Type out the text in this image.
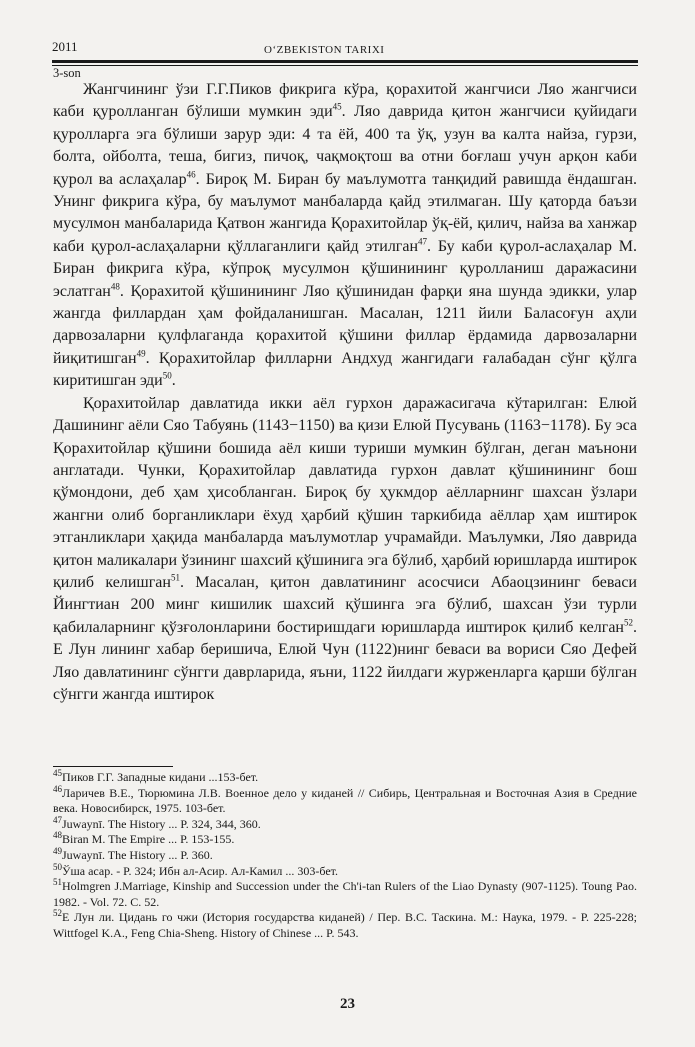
2011	O‘ZBEKISTON TARIXI
3-son

Жангчининг ўзи Г.Г.Пиков фикрига кўра, қорахитой жангчиси Ляо жангчиси каби қуролланган бўлиши мумкин эди$^{45}$. Ляо даврида қитон жангчиси қуйидаги қуролларга эга бўлиши зарур эди: 4 та ёй, 400 та ўқ, узун ва калта найза, гурзи, болта, ойболта, теша, бигиз, пичоқ, чақмоқтош ва отни боғлаш учун арқон каби қурол ва аслаҳалар$^{46}$. Бироқ М. Биран бу маълумотга танқидий равишда ёндашган. Унинг фикрига кўра, бу маълумот манбаларда қайд этилмаган. Шу қаторда баъзи мусулмон манбаларида Қатвон жангида Қорахитойлар ўқ-ёй, қилич, найза ва ханжар каби қурол-аслаҳаларни қўллаганлиги қайд этилган$^{47}$. Бу каби қурол-аслаҳалар М. Биран фикрига кўра, кўпроқ мусулмон қўшинининг қуролланиш даражасини эслатган$^{48}$. Қорахитой қўшинининг Ляо қўшинидан фарқи яна шунда эдикки, улар жангда филлардан ҳам фойдаланишган. Масалан, 1211 йили Баласоғун аҳли дарвозаларни қулфлаганда қорахитой қўшини филлар ёрдамида дарвозаларни йиқитишган$^{49}$. Қорахитойлар филларни Андхуд жангидаги ғалабадан сўнг қўлга киритишган эди$^{50}$.

Қорахитойлар давлатида икки аёл гурхон даражасигача кўтарилган: Елюй Дашининг аёли Сяо Табуянь (1143−1150) ва қизи Елюй Пусувань (1163−1178). Бу эса Қорахитойлар қўшини бошида аёл киши туриши мумкин бўлган, деган маънони англатади. Чунки, Қорахитойлар давлатида гурхон давлат қўшинининг бош қўмондони, деб ҳам ҳисобланган. Бироқ бу ҳукмдор аёлларнинг шахсан ўзлари жангни олиб борганликлари ёхуд ҳарбий қўшин таркибида аёллар ҳам иштирок этганликлари ҳақида манбаларда маълумотлар учрамайди. Маълумки, Ляо даврида қитон маликалари ўзининг шахсий қўшинига эга бўлиб, ҳарбий юришларда иштирок қилиб келишган$^{51}$. Масалан, қитон давлатининг асосчиси Абаоцзининг беваси Йингтиан 200 минг кишилик шахсий қўшинга эга бўлиб, шахсан ўзи турли қабилаларнинг қўзғолонларини бостиришдаги юришларда иштирок қилиб келган$^{52}$. Е Лун лининг хабар беришича, Елюй Чун (1122)нинг беваси ва вориси Сяо Дефей Ляо давлатининг сўнгги даврларида, яъни, 1122 йилдаги журженларга қарши бўлган сўнгги жангда иштирок

$^{45}$Пиков Г.Г. Западные кидани ...153-бет.

$^{46}$Ларичев В.Е., Тюрюмина Л.В. Военное дело у киданей // Сибирь, Центральная и Восточная Азия в Средние века. Новосибирск, 1975. 103-бет.

$^{47}$Juwaynī. The History ... P. 324, 344, 360.

$^{48}$Biran M. The Empire ... P. 153-155.

$^{49}$Juwaynī. The History ... P. 360.

$^{50}$Ўша асар. - P. 324; Ибн ал-Асир. Ал-Камил ... 303-бет.

$^{51}$Holmgren J.Marriage, Kinship and Succession under the Ch'i-tan Rulers of the Liao Dynasty (907-1125). Toung Pao. 1982. - Vol. 72. C. 52.

$^{52}$Е Лун ли. Цидань го чжи (История государства киданей) / Пер. В.С. Таскина. М.: Наука, 1979. - P. 225-228; Wittfogel K.A., Feng Chia-Sheng. History of Chinese ... P. 543.

23
